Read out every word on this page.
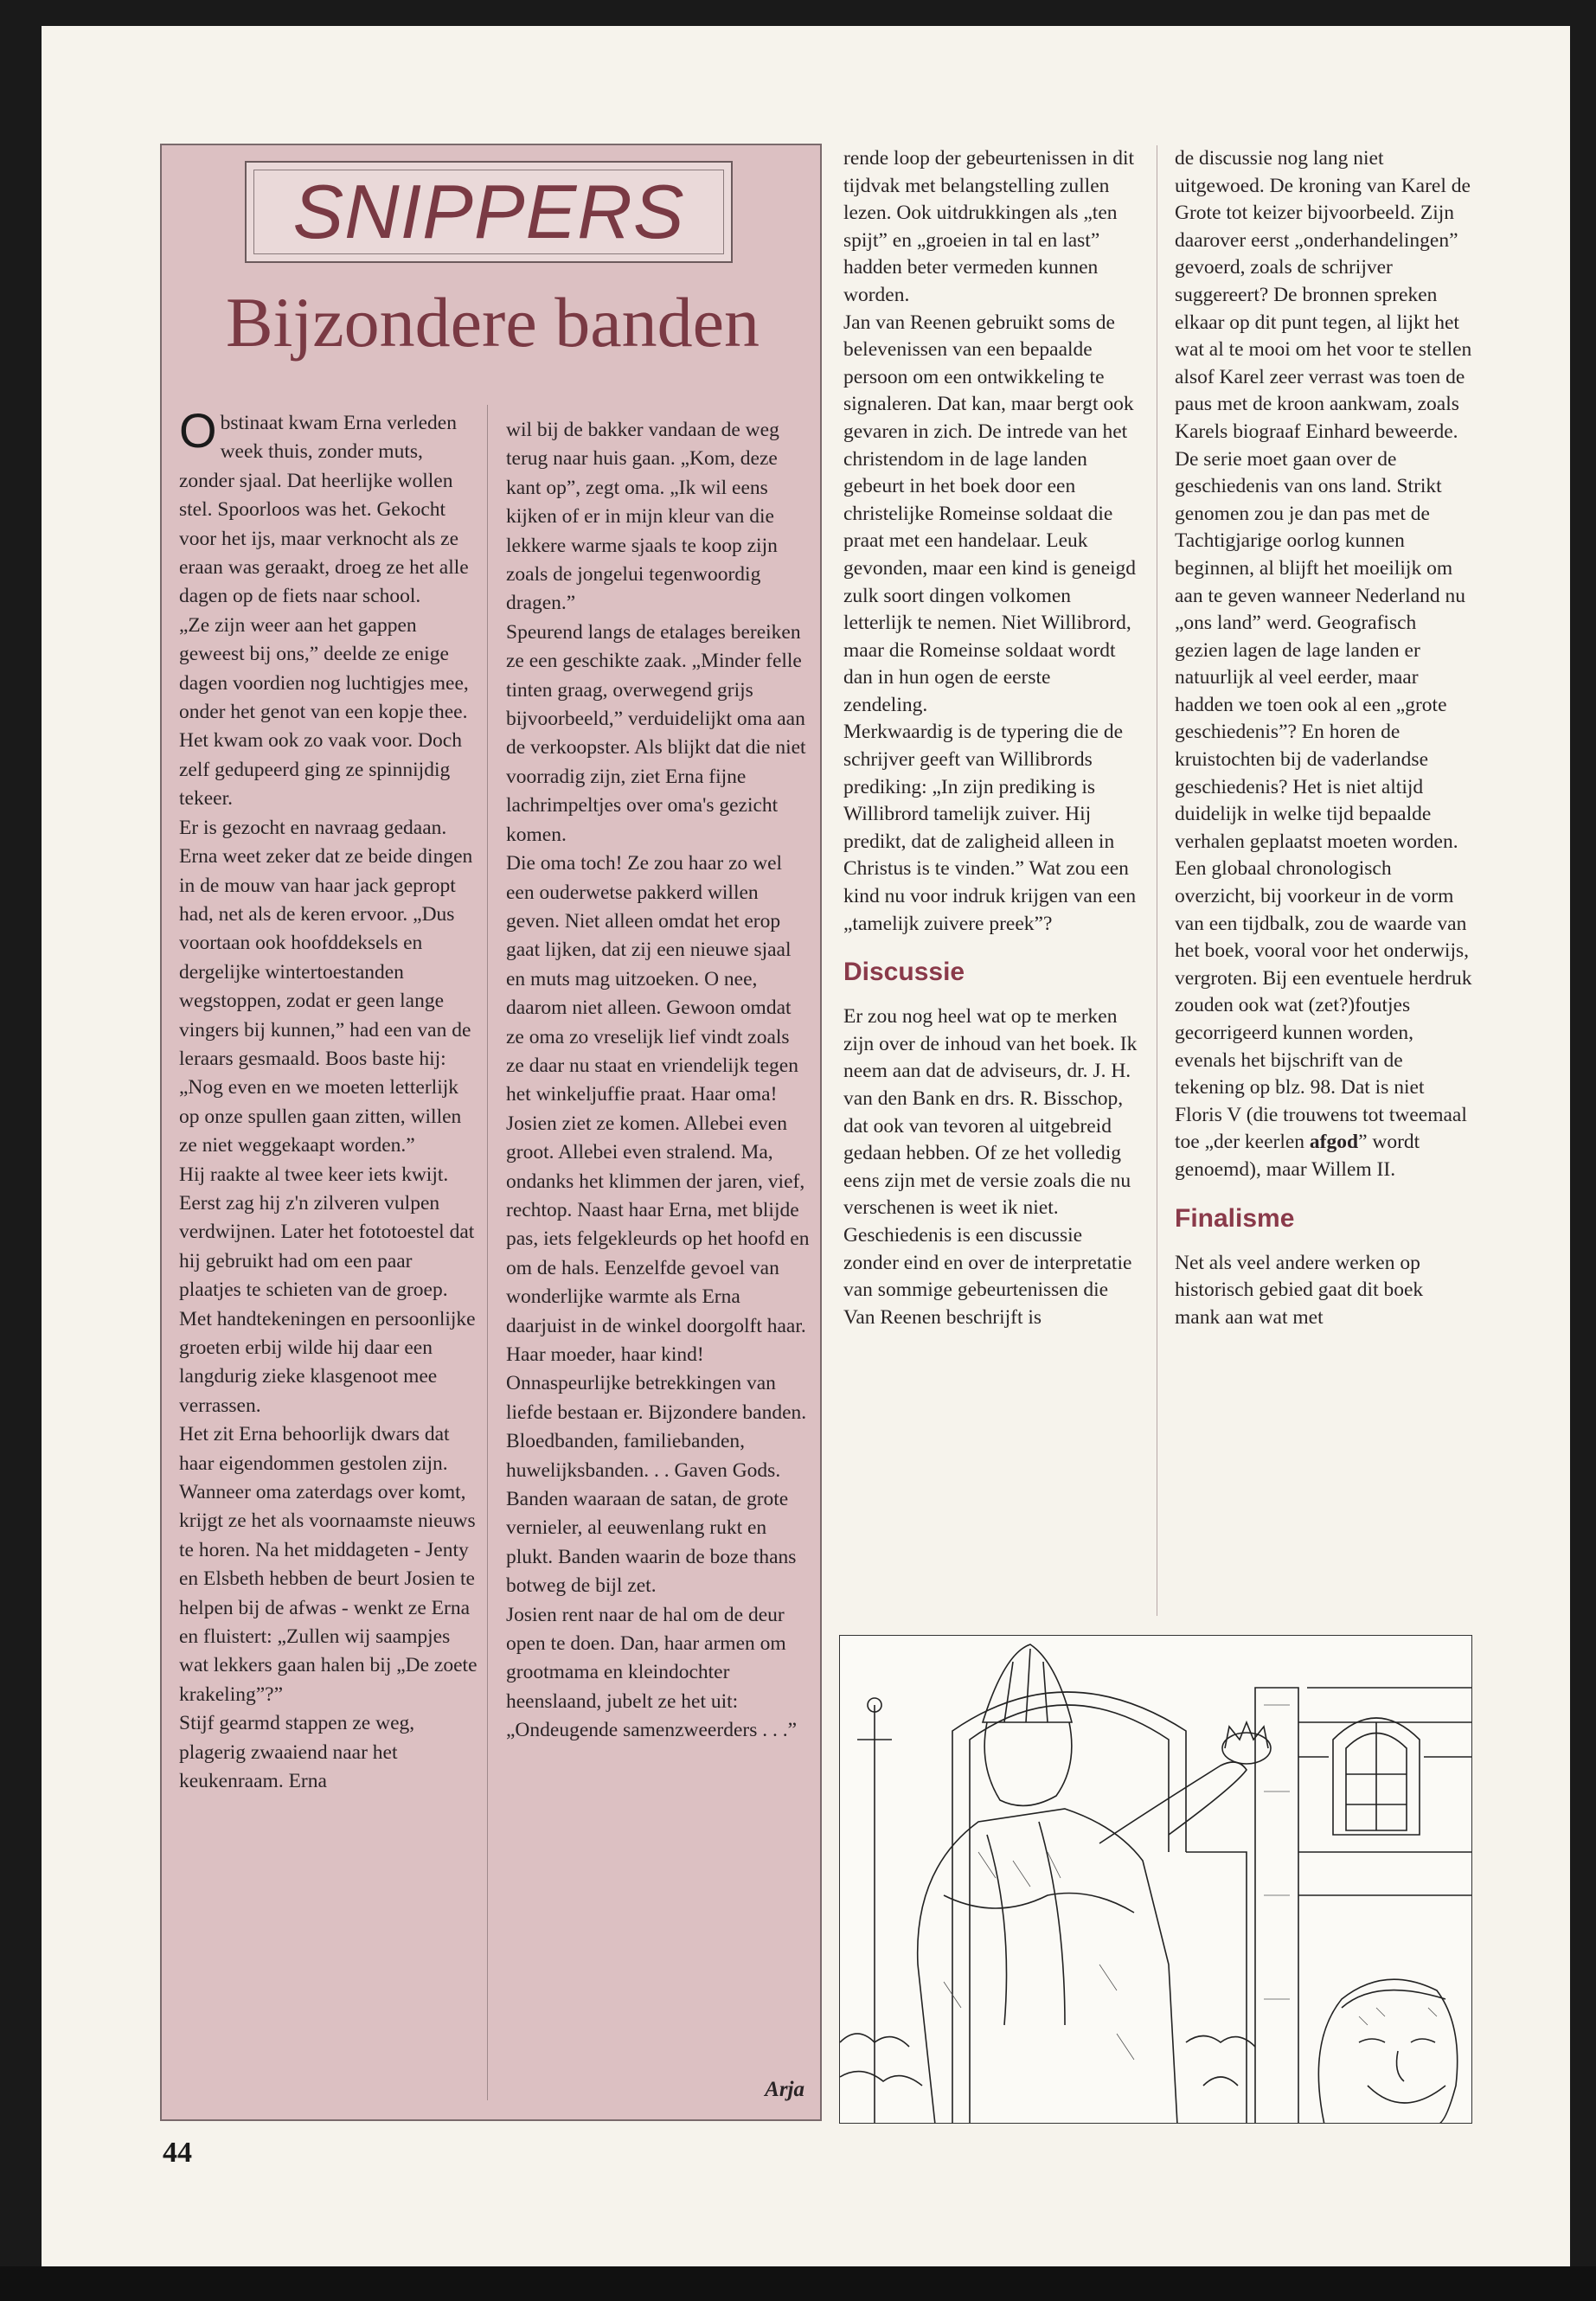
SNIPPERS
Bijzondere banden

Obstinaat kwam Erna verleden week thuis, zonder muts, zonder sjaal. Dat heerlijke wollen stel. Spoorloos was het. Gekocht voor het ijs, maar verknocht als ze eraan was geraakt, droeg ze het alle dagen op de fiets naar school.

„Ze zijn weer aan het gappen geweest bij ons,” deelde ze enige dagen voordien nog luchtigjes mee, onder het genot van een kopje thee. Het kwam ook zo vaak voor. Doch zelf gedupeerd ging ze spinnijdig tekeer.

Er is gezocht en navraag gedaan. Erna weet zeker dat ze beide dingen in de mouw van haar jack gepropt had, net als de keren ervoor. „Dus voortaan ook hoofddeksels en dergelijke wintertoestanden wegstoppen, zodat er geen lange vingers bij kunnen,” had een van de leraars gesmaald. Boos baste hij: „Nog even en we moeten letterlijk op onze spullen gaan zitten, willen ze niet weggekaapt worden.”

Hij raakte al twee keer iets kwijt. Eerst zag hij z'n zilveren vulpen verdwijnen. Later het fototoestel dat hij gebruikt had om een paar plaatjes te schieten van de groep. Met handtekeningen en persoonlijke groeten erbij wilde hij daar een langdurig zieke klasgenoot mee verrassen.

Het zit Erna behoorlijk dwars dat haar eigendommen gestolen zijn. Wanneer oma zaterdags over komt, krijgt ze het als voornaamste nieuws te horen. Na het middageten - Jenty en Elsbeth hebben de beurt Josien te helpen bij de afwas - wenkt ze Erna en fluistert: „Zullen wij saampjes wat lekkers gaan halen bij „De zoete krakeling”?”

Stijf gearmd stappen ze weg, plagerig zwaaiend naar het keukenraam. Erna

wil bij de bakker vandaan de weg terug naar huis gaan. „Kom, deze kant op”, zegt oma. „Ik wil eens kijken of er in mijn kleur van die lekkere warme sjaals te koop zijn zoals de jongelui tegenwoordig dragen.”

Speurend langs de etalages bereiken ze een geschikte zaak. „Minder felle tinten graag, overwegend grijs bijvoorbeeld,” verduidelijkt oma aan de verkoopster. Als blijkt dat die niet voorradig zijn, ziet Erna fijne lachrimpeltjes over oma's gezicht komen.

Die oma toch! Ze zou haar zo wel een ouderwetse pakkerd willen geven. Niet alleen omdat het erop gaat lijken, dat zij een nieuwe sjaal en muts mag uitzoeken. O nee, daarom niet alleen. Gewoon omdat ze oma zo vreselijk lief vindt zoals ze daar nu staat en vriendelijk tegen het winkeljuffie praat. Haar oma!

Josien ziet ze komen. Allebei even groot. Allebei even stralend. Ma, ondanks het klimmen der jaren, vief, rechtop. Naast haar Erna, met blijde pas, iets felgekleurds op het hoofd en om de hals. Eenzelfde gevoel van wonderlijke warmte als Erna daarjuist in de winkel doorgolft haar. Haar moeder, haar kind!

Onnaspeurlijke betrekkingen van liefde bestaan er. Bijzondere banden. Bloedbanden, familiebanden, huwelijksbanden. . . Gaven Gods. Banden waaraan de satan, de grote vernieler, al eeuwenlang rukt en plukt. Banden waarin de boze thans botweg de bijl zet.

Josien rent naar de hal om de deur open te doen. Dan, haar armen om grootmama en kleindochter heenslaand, jubelt ze het uit: „Ondeugende samenzweerders . . .”

Arja

rende loop der gebeurtenissen in dit tijdvak met belangstelling zullen lezen. Ook uitdrukkingen als „ten spijt” en „groeien in tal en last” hadden beter vermeden kunnen worden.

Jan van Reenen gebruikt soms de belevenissen van een bepaalde persoon om een ontwikkeling te signaleren. Dat kan, maar bergt ook gevaren in zich. De intrede van het christendom in de lage landen gebeurt in het boek door een christelijke Romeinse soldaat die praat met een handelaar. Leuk gevonden, maar een kind is geneigd zulk soort dingen volkomen letterlijk te nemen. Niet Willibrord, maar die Romeinse soldaat wordt dan in hun ogen de eerste zendeling.

Merkwaardig is de typering die de schrijver geeft van Willibrords prediking: „In zijn prediking is Willibrord tamelijk zuiver. Hij predikt, dat de zaligheid alleen in Christus is te vinden.” Wat zou een kind nu voor indruk krijgen van een „tamelijk zuivere preek”?

Discussie

Er zou nog heel wat op te merken zijn over de inhoud van het boek. Ik neem aan dat de adviseurs, dr. J. H. van den Bank en drs. R. Bisschop, dat ook van tevoren al uitgebreid gedaan hebben. Of ze het volledig eens zijn met de versie zoals die nu verschenen is weet ik niet. Geschiedenis is een discussie zonder eind en over de interpretatie van sommige gebeurtenissen die Van Reenen beschrijft is

de discussie nog lang niet uitgewoed. De kroning van Karel de Grote tot keizer bijvoorbeeld. Zijn daarover eerst „onderhandelingen” gevoerd, zoals de schrijver suggereert? De bronnen spreken elkaar op dit punt tegen, al lijkt het wat al te mooi om het voor te stellen alsof Karel zeer verrast was toen de paus met de kroon aankwam, zoals Karels biograaf Einhard beweerde.

De serie moet gaan over de geschiedenis van ons land. Strikt genomen zou je dan pas met de Tachtigjarige oorlog kunnen beginnen, al blijft het moeilijk om aan te geven wanneer Nederland nu „ons land” werd. Geografisch gezien lagen de lage landen er natuurlijk al veel eerder, maar hadden we toen ook al een „grote geschiedenis”? En horen de kruistochten bij de vaderlandse geschiedenis? Het is niet altijd duidelijk in welke tijd bepaalde verhalen geplaatst moeten worden. Een globaal chronologisch overzicht, bij voorkeur in de vorm van een tijdbalk, zou de waarde van het boek, vooral voor het onderwijs, vergroten. Bij een eventuele herdruk zouden ook wat (zet?)foutjes gecorrigeerd kunnen worden, evenals het bijschrift van de tekening op blz. 98. Dat is niet Floris V (die trouwens tot tweemaal toe „der keerlen afgod” wordt genoemd), maar Willem II.

Finalisme

Net als veel andere werken op historisch gebied gaat dit boek mank aan wat met

44
